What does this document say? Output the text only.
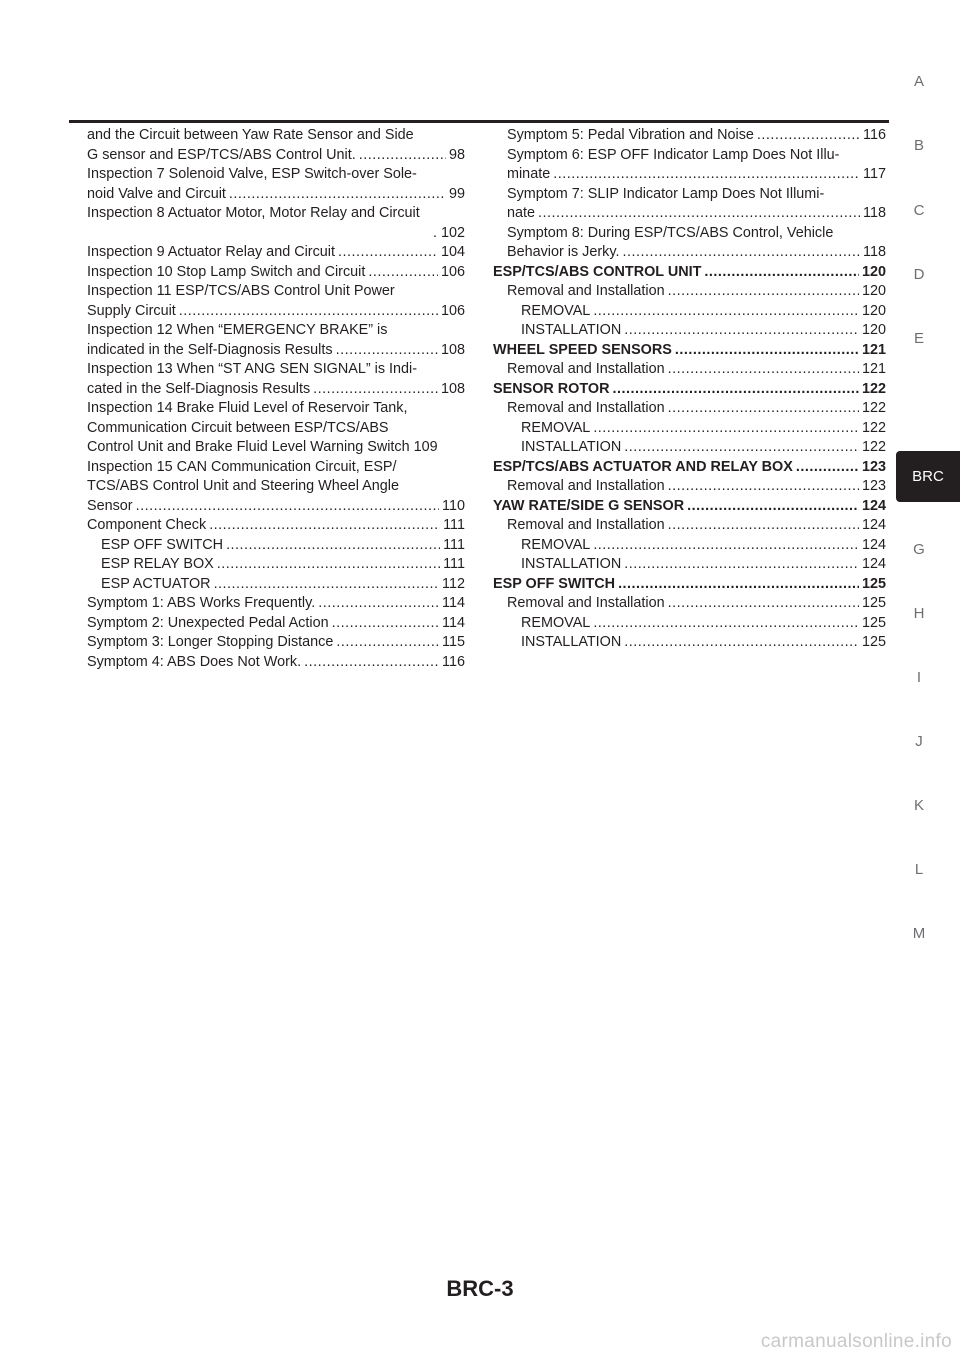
and the Circuit between Yaw Rate Sensor and Side
G sensor and ESP/TCS/ABS Control Unit. .....	98
Inspection 7 Solenoid Valve, ESP Switch-over Sole-
noid Valve and Circuit .....	99
Inspection 8 Actuator Motor, Motor Relay and Circuit
. 102
Inspection 9 Actuator Relay and Circuit .....	104
Inspection 10 Stop Lamp Switch and Circuit .....	106
Inspection 11 ESP/TCS/ABS Control Unit Power
Supply Circuit .....	106
Inspection 12 When “EMERGENCY BRAKE” is
indicated in the Self-Diagnosis Results .....	108
Inspection 13 When “ST ANG SEN SIGNAL” is Indi-
cated in the Self-Diagnosis Results .....	108
Inspection 14 Brake Fluid Level of Reservoir Tank,
Communication Circuit between ESP/TCS/ABS
Control Unit and Brake Fluid Level Warning Switch 109
Inspection 15 CAN Communication Circuit, ESP/
TCS/ABS Control Unit and Steering Wheel Angle
Sensor .....	110
Component Check .....	111
ESP OFF SWITCH .....	111
ESP RELAY BOX .....	111
ESP ACTUATOR .....	112
Symptom 1: ABS Works Frequently. .....	114
Symptom 2: Unexpected Pedal Action .....	114
Symptom 3: Longer Stopping Distance .....	115
Symptom 4: ABS Does Not Work. .....	116
Symptom 5: Pedal Vibration and Noise .....	116
Symptom 6: ESP OFF Indicator Lamp Does Not Illu-
minate .....	117
Symptom 7: SLIP Indicator Lamp Does Not Illumi-
nate .....	118
Symptom 8: During ESP/TCS/ABS Control, Vehicle
Behavior is Jerky. .....	118
ESP/TCS/ABS CONTROL UNIT .....	120
Removal and Installation .....	120
REMOVAL .....	120
INSTALLATION .....	120
WHEEL SPEED SENSORS .....	121
Removal and Installation .....	121
SENSOR ROTOR .....	122
Removal and Installation .....	122
REMOVAL .....	122
INSTALLATION .....	122
ESP/TCS/ABS ACTUATOR AND RELAY BOX .....	123
Removal and Installation .....	123
YAW RATE/SIDE G SENSOR .....	124
Removal and Installation .....	124
REMOVAL .....	124
INSTALLATION .....	124
ESP OFF SWITCH .....	125
Removal and Installation .....	125
REMOVAL .....	125
INSTALLATION .....	125
A
B
C
D
E
G
H
I
J
K
L
M
BRC
BRC-3
carmanualsonline.info
